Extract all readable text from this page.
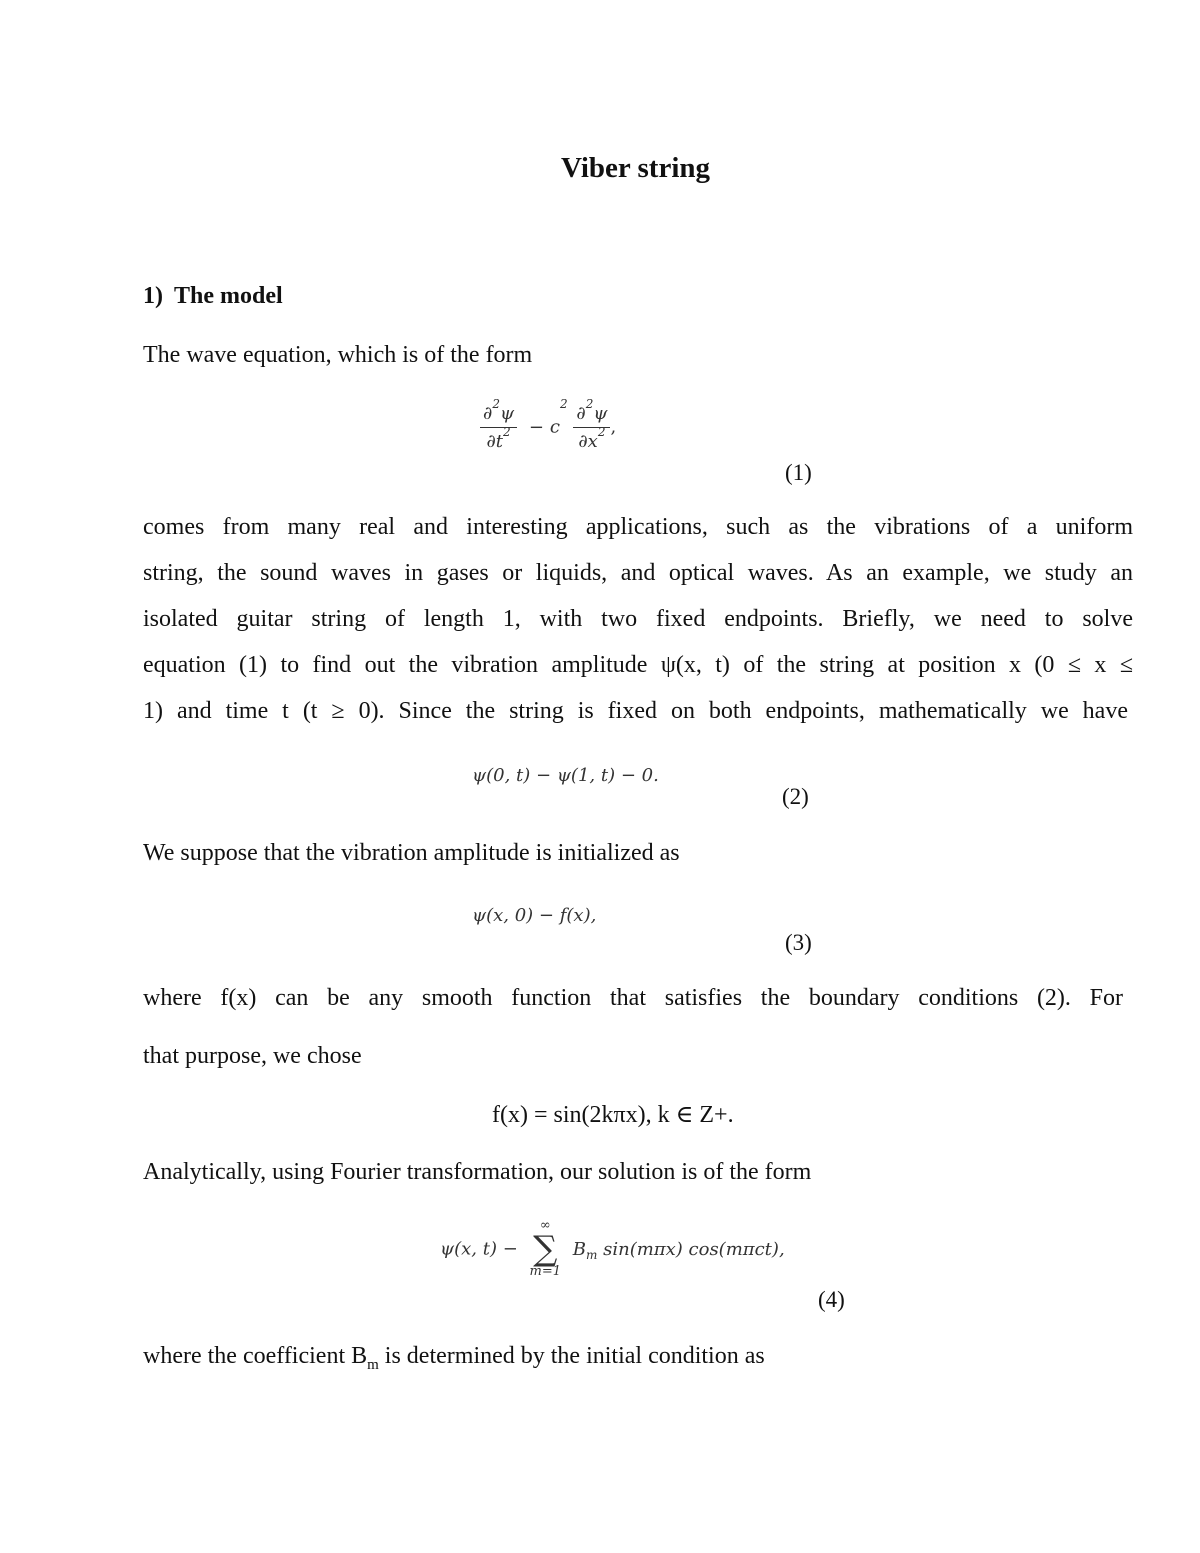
Viber string
1) The model
The wave equation, which is of the form
$\frac{\partial^2\psi}{\partial t^2} - c^2 \frac{\partial^2\psi}{\partial x^2}$ ,
(1)
comes from many real and interesting applications, such as the vibrations of a uniform
string, the sound waves in gases or liquids, and optical waves. As an example, we study an
isolated guitar string of length 1, with two fixed endpoints. Briefly, we need to solve
equation (1) to find out the vibration amplitude ψ(x, t) of the string at position x (0 ≤ x ≤
1) and time t (t ≥ 0). Since the string is fixed on both endpoints, mathematically we have
ψ(0, t) − ψ(1, t) − 0.
(2)
We suppose that the vibration amplitude is initialized as
ψ(x, 0) − f(x),
(3)
where f(x) can be any smooth function that satisfies the boundary conditions (2). For
that purpose, we chose
f(x) = sin(2kπx), k ∈ Z+.
Analytically, using Fourier transformation, our solution is of the form
ψ(x, t) −
∞
∑
m=1
$B_m$ sin(mπx) cos(mπct),
(4)
where the coefficient $B_m$ is determined by the initial condition as
